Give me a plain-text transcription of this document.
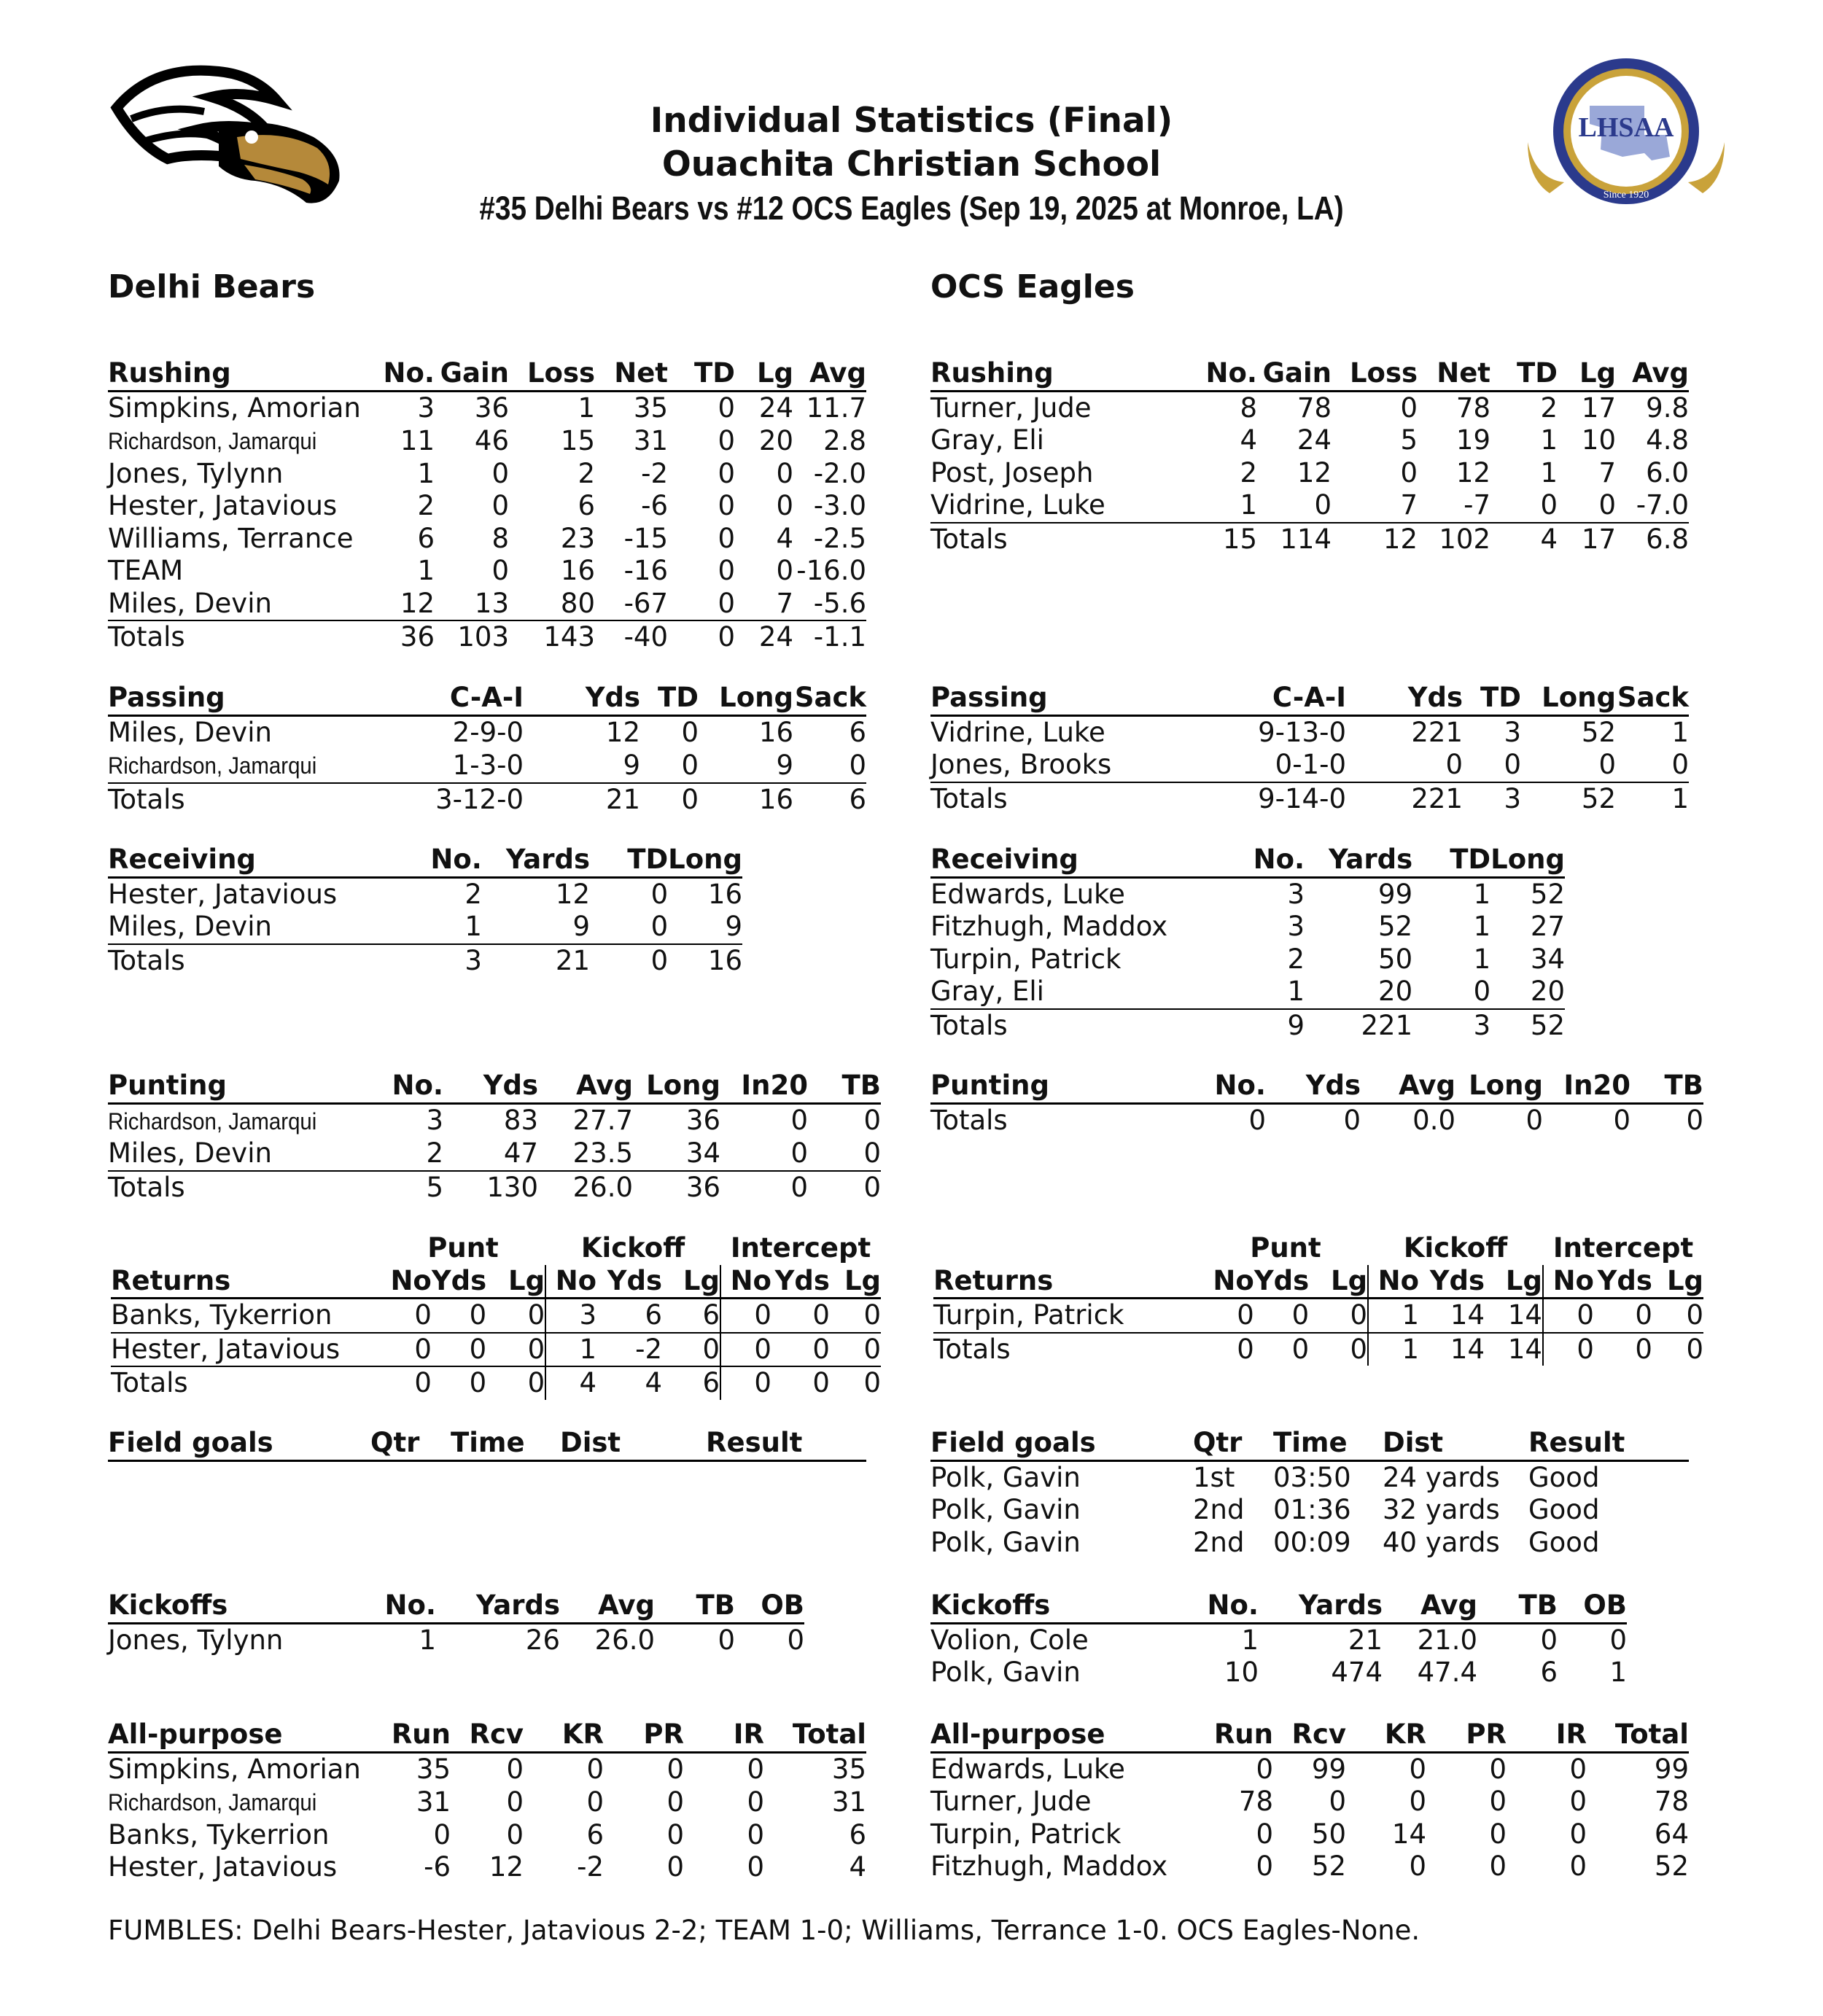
LHSAA
Since 1920
Individual Statistics (Final)
Ouachita Christian School
#35 Delhi Bears vs #12 OCS Eagles (Sep 19, 2025 at Monroe, LA)
Delhi Bears	OCS Eagles
Rushing	No.	Gain	Loss	Net	TD	Lg	Avg
Simpkins, Amorian	3	36	1	35	0	24	11.7
Richardson, Jamarqui	11	46	15	31	0	20	2.8
Jones, Tylynn	1	0	2	-2	0	0	-2.0
Hester, Jatavious	2	0	6	-6	0	0	-3.0
Williams, Terrance	6	8	23	-15	0	4	-2.5
TEAM	1	0	16	-16	0	0	-16.0
Miles, Devin	12	13	80	-67	0	7	-5.6
Totals	36	103	143	-40	0	24	-1.1
Rushing	No.	Gain	Loss	Net	TD	Lg	Avg
Turner, Jude	8	78	0	78	2	17	9.8
Gray, Eli	4	24	5	19	1	10	4.8
Post, Joseph	2	12	0	12	1	7	6.0
Vidrine, Luke	1	0	7	-7	0	0	-7.0
Totals	15	114	12	102	4	17	6.8
Passing	C-A-I	Yds	TD	Long	Sack
Miles, Devin	2-9-0	12	0	16	6
Richardson, Jamarqui	1-3-0	9	0	9	0
Totals	3-12-0	21	0	16	6
Passing	C-A-I	Yds	TD	Long	Sack
Vidrine, Luke	9-13-0	221	3	52	1
Jones, Brooks	0-1-0	0	0	0	0
Totals	9-14-0	221	3	52	1
Receiving	No.	Yards	TD	Long
Hester, Jatavious	2	12	0	16
Miles, Devin	1	9	0	9
Totals	3	21	0	16
Receiving	No.	Yards	TD	Long
Edwards, Luke	3	99	1	52
Fitzhugh, Maddox	3	52	1	27
Turpin, Patrick	2	50	1	34
Gray, Eli	1	20	0	20
Totals	9	221	3	52
Punting	No.	Yds	Avg	Long	In20	TB
Richardson, Jamarqui	3	83	27.7	36	0	0
Miles, Devin	2	47	23.5	34	0	0
Totals	5	130	26.0	36	0	0
Punting	No.	Yds	Avg	Long	In20	TB
Totals	0	0	0.0	0	0	0
	Punt			Kickoff			Intercept		
Returns	No	Yds	Lg	No	Yds	Lg	No	Yds	Lg
Banks, Tykerrion	0	0	0	3	6	6	0	0	0
Hester, Jatavious	0	0	0	1	-2	0	0	0	0
Totals	0	0	0	4	4	6	0	0	0
	Punt			Kickoff			Intercept		
Returns	No	Yds	Lg	No	Yds	Lg	No	Yds	Lg
Turpin, Patrick	0	0	0	1	14	14	0	0	0
Totals	0	0	0	1	14	14	0	0	0
Field goals	Qtr	Time	Dist	Result	Field goals	Qtr	Time	Dist	Result
Polk, Gavin	1st	03:50	24 yards	Good
Polk, Gavin	2nd	01:36	32 yards	Good
Polk, Gavin	2nd	00:09	40 yards	Good
Kickoffs	No.	Yards	Avg	TB	OB
Jones, Tylynn	1	26	26.0	0	0
Kickoffs	No.	Yards	Avg	TB	OB
Volion, Cole	1	21	21.0	0	0
Polk, Gavin	10	474	47.4	6	1
All-purpose	Run	Rcv	KR	PR	IR	Total
Simpkins, Amorian	35	0	0	0	0	35
Richardson, Jamarqui	31	0	0	0	0	31
Banks, Tykerrion	0	0	6	0	0	6
Hester, Jatavious	-6	12	-2	0	0	4
All-purpose	Run	Rcv	KR	PR	IR	Total
Edwards, Luke	0	99	0	0	0	99
Turner, Jude	78	0	0	0	0	78
Turpin, Patrick	0	50	14	0	0	64
Fitzhugh, Maddox	0	52	0	0	0	52
FUMBLES: Delhi Bears-Hester, Jatavious 2-2; TEAM 1-0; Williams, Terrance 1-0. OCS Eagles-None.
